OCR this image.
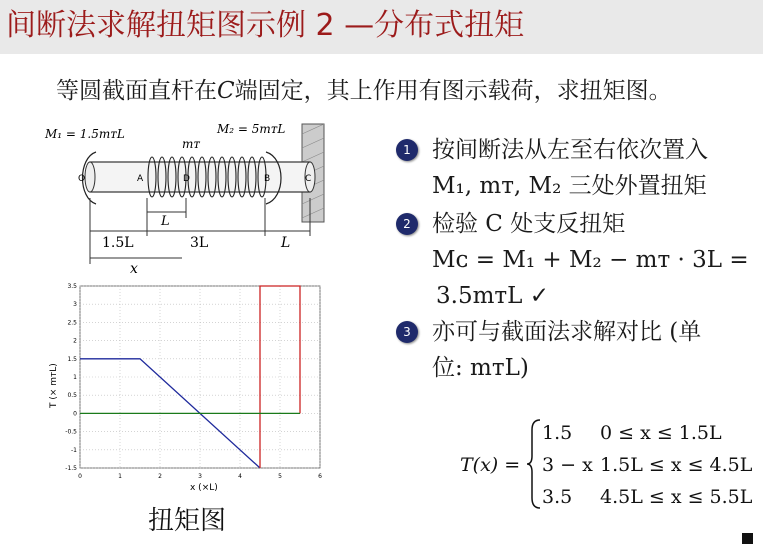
间断法求解扭矩图示例 2 —分布式扭矩
等圆截面直杆在C端固定，其上作用有图示载荷，求扭矩图。
M₁ = 1.5mᴛL	M₂ = 5mᴛL
mᴛ
O	A	D	B	C
L
1.5L	3L	L
x
0	1	2	3	4	5	6
-1.5
-1
-0.5
0
0.5
1
1.5
2
2.5
3
3.5
x (×L)
T (× mᴛL)
扭矩图
1 按间断法从左至右依次置入
M₁, mᴛ, M₂ 三处外置扭矩
2 检验 C 处支反扭矩
Mᴄ = M₁ + M₂ − mᴛ · 3L =
3.5mᴛL ✓
3 亦可与截面法求解对比 (单
位: mᴛL)
T(x) =
1.5 0 ≤ x ≤ 1.5L
3 − x 1.5L ≤ x ≤ 4.5L
3.5 4.5L ≤ x ≤ 5.5L
